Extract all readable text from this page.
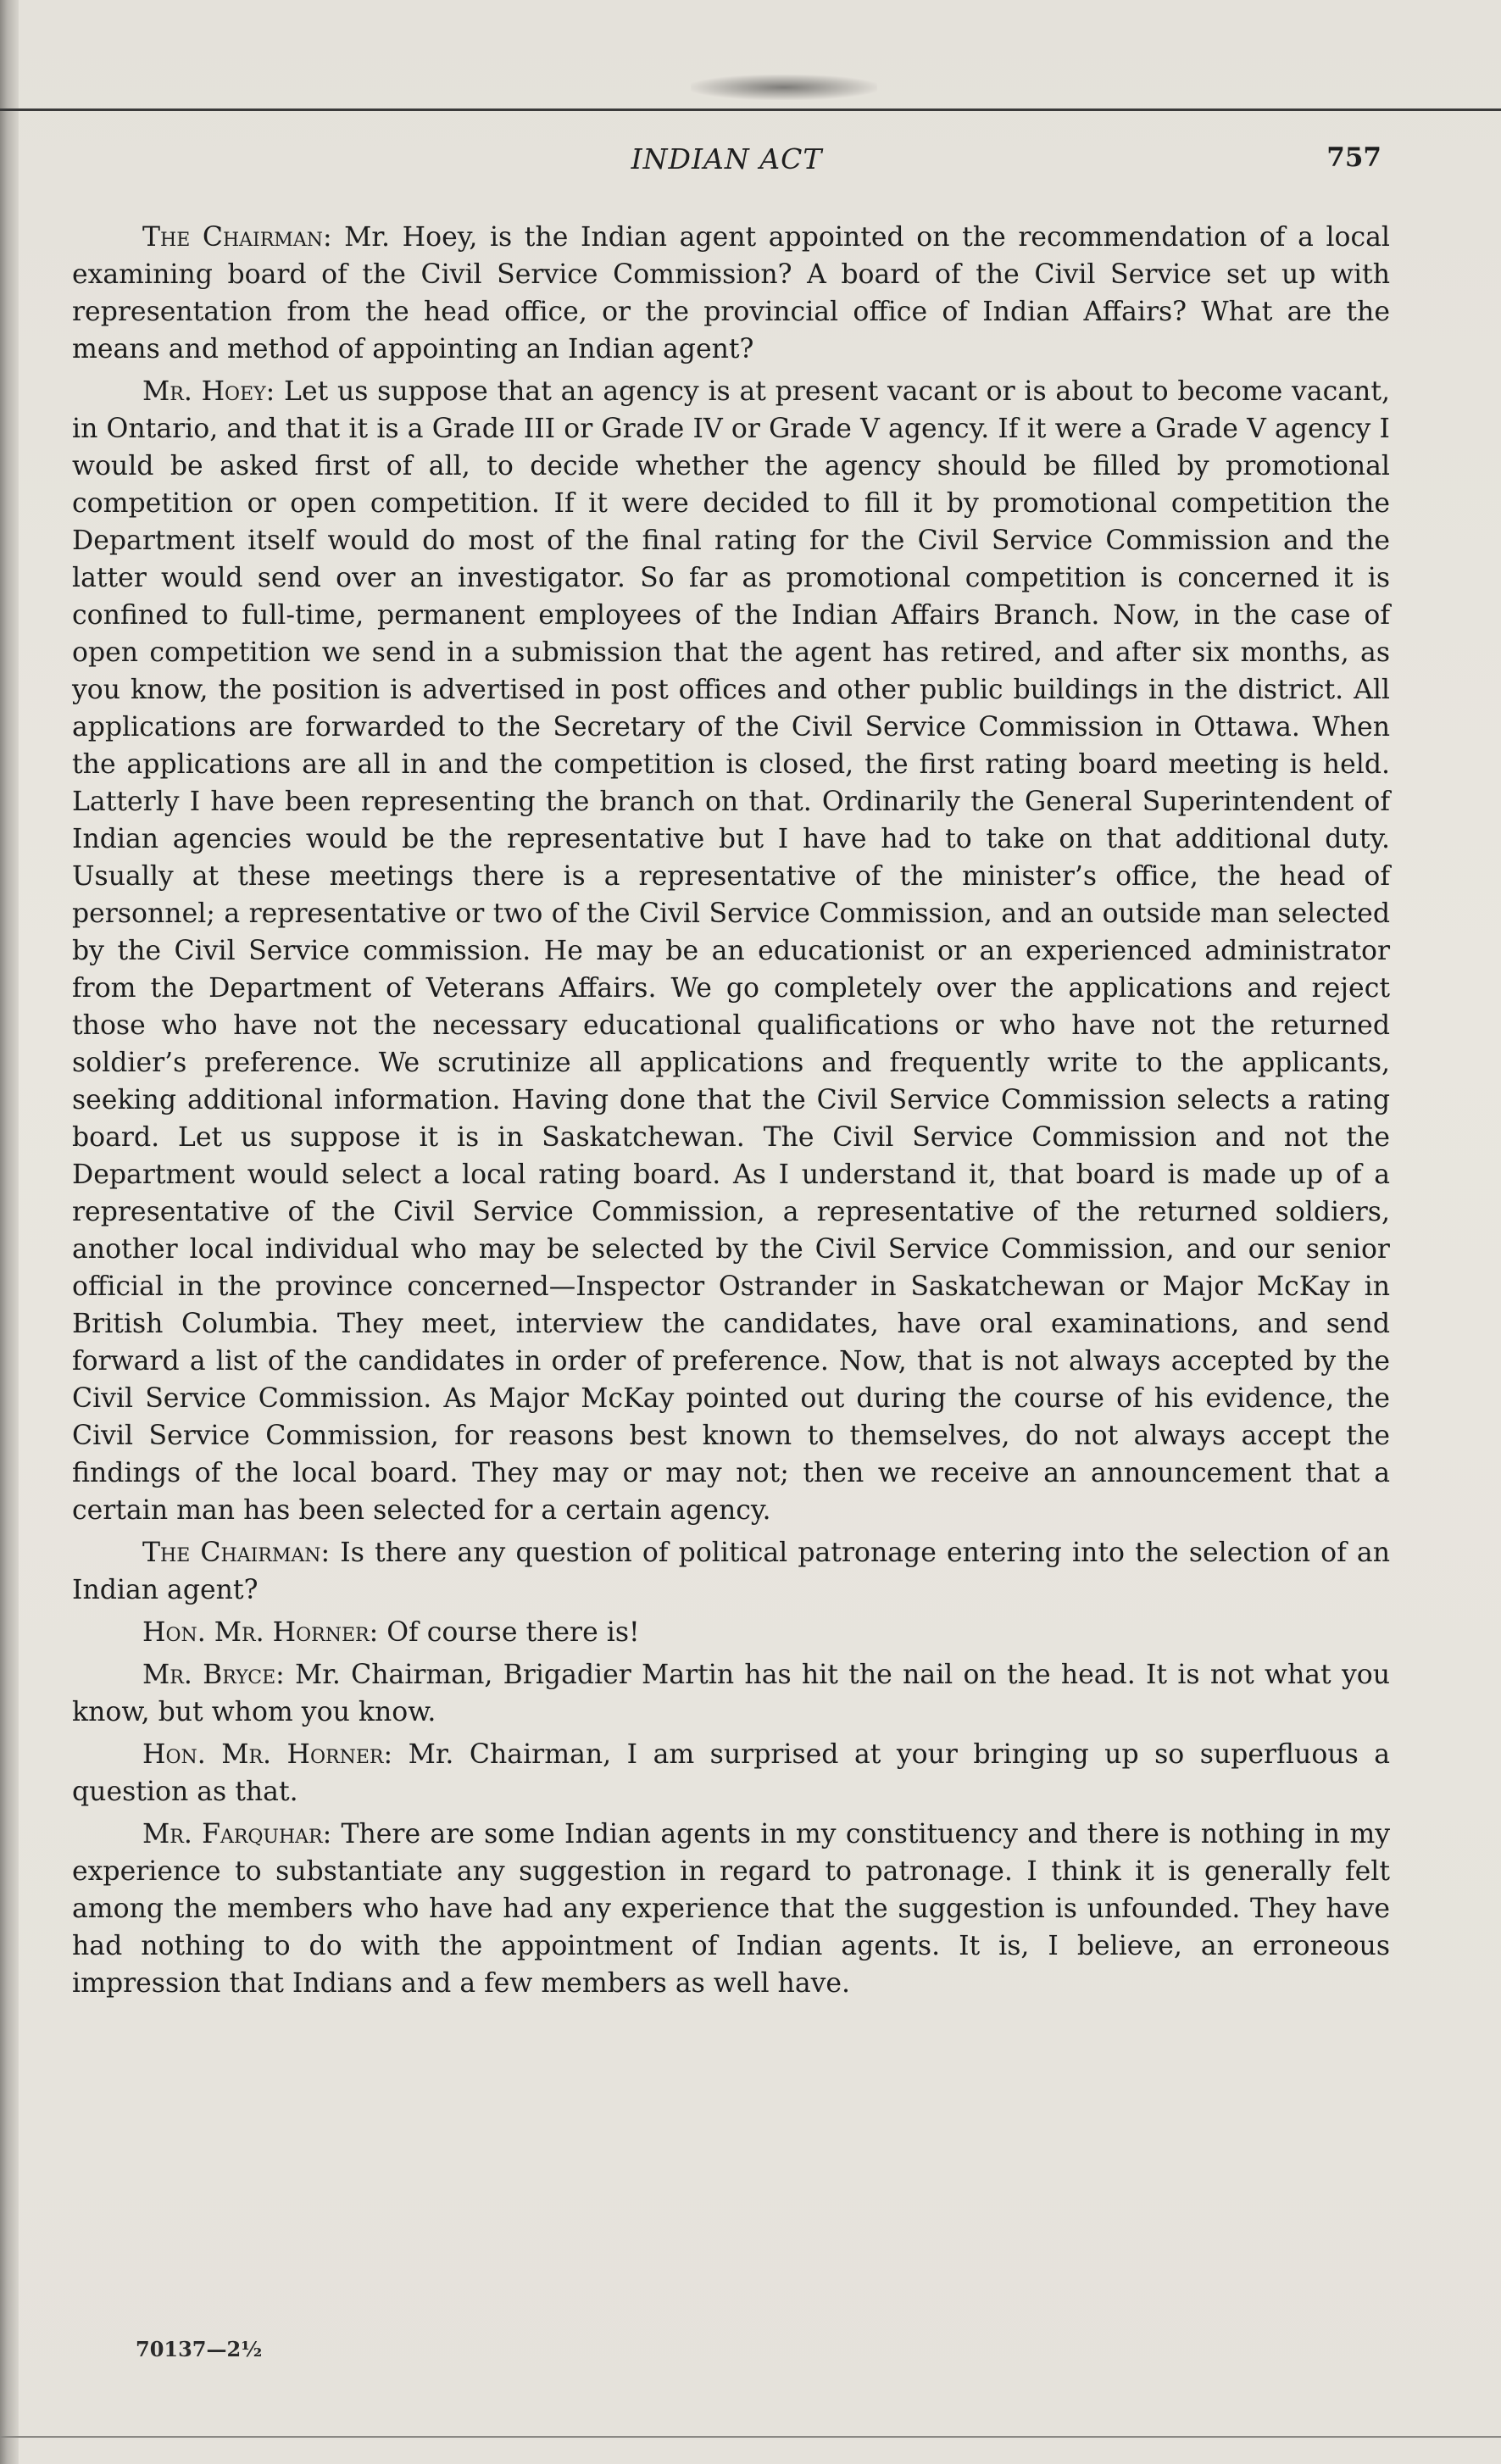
INDIAN ACT	757

The Chairman: Mr. Hoey, is the Indian agent appointed on the recommendation of a local examining board of the Civil Service Commission? A board of the Civil Service set up with representation from the head office, or the provincial office of Indian Affairs? What are the means and method of appointing an Indian agent?

Mr. Hoey: Let us suppose that an agency is at present vacant or is about to become vacant, in Ontario, and that it is a Grade III or Grade IV or Grade V agency. If it were a Grade V agency I would be asked first of all, to decide whether the agency should be filled by promotional competition or open competition. If it were decided to fill it by promotional competition the Department itself would do most of the final rating for the Civil Service Commission and the latter would send over an investigator. So far as promotional competition is concerned it is confined to full-time, permanent employees of the Indian Affairs Branch. Now, in the case of open competition we send in a submission that the agent has retired, and after six months, as you know, the position is advertised in post offices and other public buildings in the district. All applications are forwarded to the Secretary of the Civil Service Commission in Ottawa. When the applications are all in and the competition is closed, the first rating board meeting is held. Latterly I have been representing the branch on that. Ordinarily the General Superintendent of Indian agencies would be the representative but I have had to take on that additional duty. Usually at these meetings there is a representative of the minister’s office, the head of personnel; a representative or two of the Civil Service Commission, and an outside man selected by the Civil Service commission. He may be an educationist or an experienced administrator from the Department of Veterans Affairs. We go completely over the applications and reject those who have not the necessary educational qualifications or who have not the returned soldier’s preference. We scrutinize all applications and frequently write to the applicants, seeking additional information. Having done that the Civil Service Commission selects a rating board. Let us suppose it is in Saskatchewan. The Civil Service Commission and not the Department would select a local rating board. As I understand it, that board is made up of a representative of the Civil Service Commission, a representative of the returned soldiers, another local individual who may be selected by the Civil Service Commission, and our senior official in the province concerned—Inspector Ostrander in Saskatchewan or Major McKay in British Columbia. They meet, interview the candidates, have oral examinations, and send forward a list of the candidates in order of preference. Now, that is not always accepted by the Civil Service Commission. As Major McKay pointed out during the course of his evidence, the Civil Service Commission, for reasons best known to themselves, do not always accept the findings of the local board. They may or may not; then we receive an announcement that a certain man has been selected for a certain agency.

The Chairman: Is there any question of political patronage entering into the selection of an Indian agent?

Hon. Mr. Horner: Of course there is!

Mr. Bryce: Mr. Chairman, Brigadier Martin has hit the nail on the head. It is not what you know, but whom you know.

Hon. Mr. Horner: Mr. Chairman, I am surprised at your bringing up so superfluous a question as that.

Mr. Farquhar: There are some Indian agents in my constituency and there is nothing in my experience to substantiate any suggestion in regard to patronage. I think it is generally felt among the members who have had any experience that the suggestion is unfounded. They have had nothing to do with the appointment of Indian agents. It is, I believe, an erroneous impression that Indians and a few members as well have.

70137—2½
